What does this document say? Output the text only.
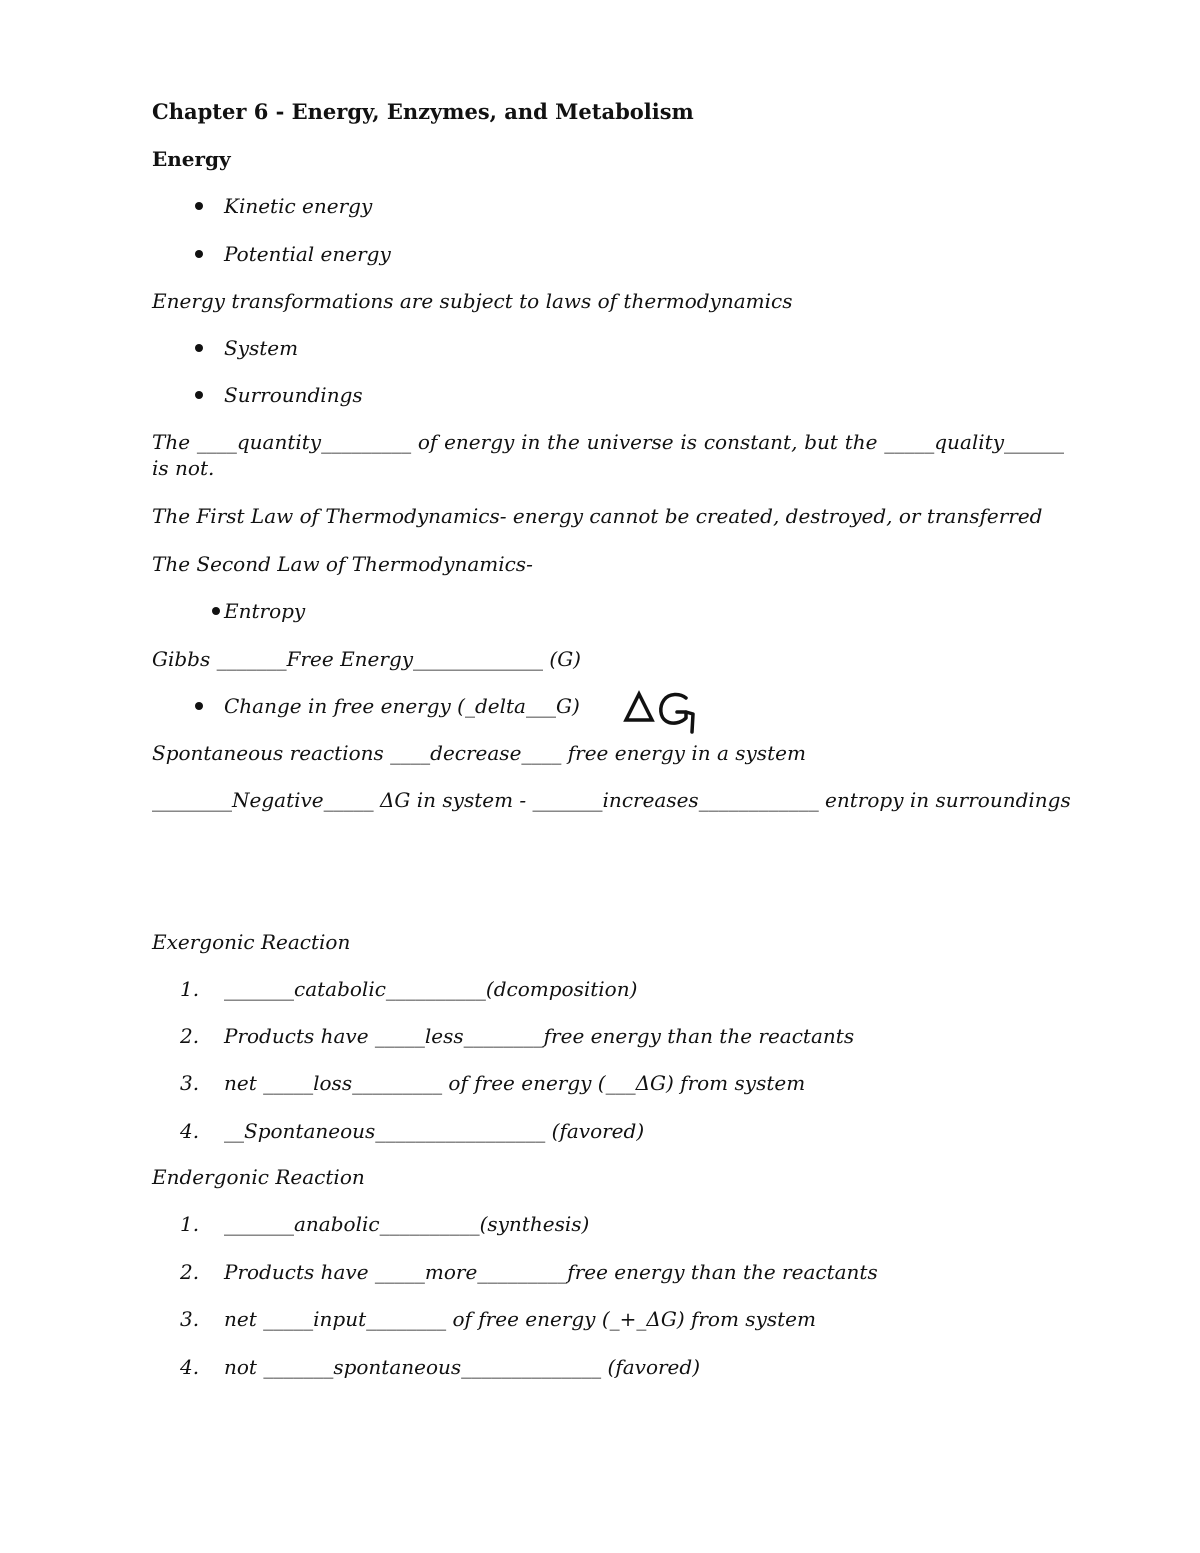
Chapter 6 - Energy, Enzymes, and Metabolism
Energy
Kinetic energy
Potential energy
Energy transformations are subject to laws of thermodynamics
System
Surroundings
The ____quantity_________ of energy in the universe is constant, but the _____quality______ is not.
The First Law of Thermodynamics- energy cannot be created, destroyed, or transferred
The Second Law of Thermodynamics-
Entropy
Gibbs _______Free Energy_____________ (G)
Change in free energy (_delta___G)
Spontaneous reactions ____decrease____ free energy in a system
________Negative_____ ΔG in system - _______increases____________ entropy in surroundings
Exergonic Reaction
1. _______catabolic__________(dcomposition)
2. Products have _____less________free energy than the reactants
3. net _____loss_________ of free energy (___ΔG) from system
4. __Spontaneous_________________ (favored)
Endergonic Reaction
1. _______anabolic__________(synthesis)
2. Products have _____more_________free energy than the reactants
3. net _____input________ of free energy (_+_ΔG) from system
4. not _______spontaneous______________ (favored)
